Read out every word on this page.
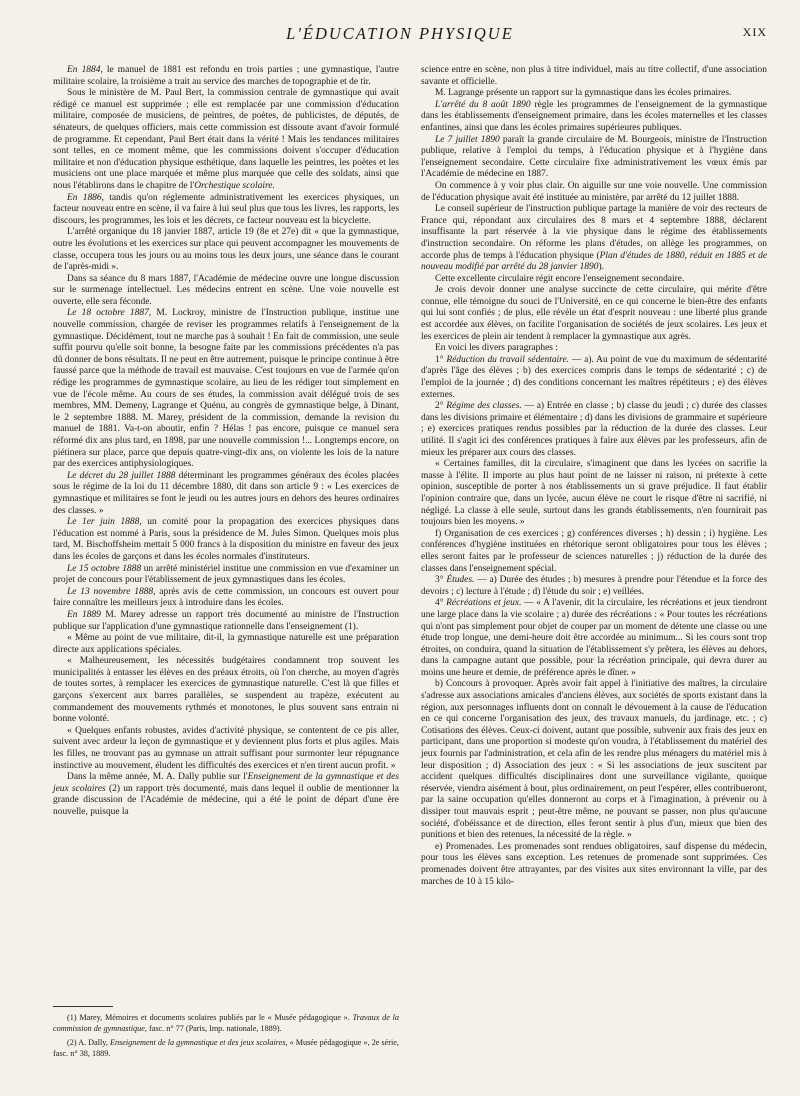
L'ÉDUCATION PHYSIQUE	XIX

En 1884, le manuel de 1881 est refondu en trois parties ; une gymnastique, l'autre militaire scolaire, la troisième a trait au service des marches de topographie et de tir.

Sous le ministère de M. Paul Bert, la commission centrale de gymnastique qui avait rédigé ce manuel est supprimée ; elle est remplacée par une commission d'éducation militaire, composée de musiciens, de peintres, de poètes, de publicistes, de députés, de sénateurs, de quelques officiers, mais cette commission est dissoute avant d'avoir formulé de programme. Et cependant, Paul Bert était dans la vérité ! Mais les tendances militaires sont telles, en ce moment même, que les commissions doivent s'occuper d'éducation militaire et non d'éducation physique esthétique, dans laquelle les peintres, les poètes et les musiciens ont une place marquée et même plus marquée que celle des soldats, ainsi que nous l'établirons dans le chapitre de l'Orchestique scolaire.

En 1886, tandis qu'on réglemente administrativement les exercices physiques, un facteur nouveau entre en scène, il va faire à lui seul plus que tous les livres, les rapports, les discours, les programmes, les lois et les décrets, ce facteur nouveau est la bicyclette.

L'arrêté organique du 18 janvier 1887, article 19 (8e et 27e) dit « que la gymnastique, outre les évolutions et les exercices sur place qui peuvent accompagner les mouvements de classe, occupera tous les jours ou au moins tous les deux jours, une séance dans le courant de l'après-midi ».

Dans sa séance du 8 mars 1887, l'Académie de médecine ouvre une longue discussion sur le surmenage intellectuel. Les médecins entrent en scène. Une voie nouvelle est ouverte, elle sera féconde.

Le 18 octobre 1887, M. Lockroy, ministre de l'Instruction publique, institue une nouvelle commission, chargée de reviser les programmes relatifs à l'enseignement de la gymnastique. Décidément, tout ne marche pas à souhait ! En fait de commission, une seule suffit pourvu qu'elle soit bonne, la besogne faite par les commissions précédentes n'a pas dû donner de bons résultats. Il ne peut en être autrement, puisque le principe continue à être faussé parce que la méthode de travail est mauvaise. C'est toujours en vue de l'armée qu'on rédige les programmes de gymnastique scolaire, au lieu de les rédiger tout simplement en vue de l'école même. Au cours de ses études, la commission avait délégué trois de ses membres, MM. Demeny, Lagrange et Quénu, au congrès de gymnastique belge, à Dinant, le 2 septembre 1888. M. Marey, président de la commission, demande la revision du manuel de 1881. Va-t-on aboutir, enfin ? Hélas ! pas encore, puisque ce manuel sera réformé dix ans plus tard, en 1898, par une nouvelle commission !... Longtemps encore, on piétinera sur place, parce que depuis quatre-vingt-dix ans, on violente les lois de la nature par des exercices antiphysiologiques.

Le décret du 28 juillet 1888 déterminant les programmes généraux des écoles placées sous le régime de la loi du 11 décembre 1880, dit dans son article 9 : « Les exercices de gymnastique et militaires se font le jeudi ou les autres jours en dehors des heures ordinaires des classes. »

Le 1er juin 1888, un comité pour la propagation des exercices physiques dans l'éducation est nommé à Paris, sous la présidence de M. Jules Simon. Quelques mois plus tard, M. Bischoffsheim mettait 5 000 francs à la disposition du ministre en faveur des jeux dans les écoles de garçons et dans les écoles normales d'instituteurs.

Le 15 octobre 1888 un arrêté ministériel institue une commission en vue d'examiner un projet de concours pour l'établissement de jeux gymnastiques dans les écoles.

Le 13 novembre 1888, après avis de cette commission, un concours est ouvert pour faire connaître les meilleurs jeux à introduire dans les écoles.

En 1889 M. Marey adresse un rapport très documenté au ministre de l'Instruction publique sur l'application d'une gymnastique rationnelle dans l'enseignement (1).

« Même au point de vue militaire, dit-il, la gymnastique naturelle est une préparation directe aux applications spéciales.

« Malheureusement, les nécessités budgétaires condamnent trop souvent les municipalités à entasser les élèves en des préaux étroits, où l'on cherche, au moyen d'agrès de toutes sortes, à remplacer les exercices de gymnastique naturelle. C'est là que filles et garçons s'exercent aux barres parallèles, se suspendent au trapèze, exécutent au commandement des mouvements rythmés et monotones, le plus souvent sans entrain ni bonne volonté.

« Quelques enfants robustes, avides d'activité physique, se contentent de ce pis aller, suivent avec ardeur la leçon de gymnastique et y deviennent plus forts et plus agiles. Mais les filles, ne trouvant pas au gymnase un attrait suffisant pour surmonter leur répugnance instinctive au mouvement, éludent les difficultés des exercices et n'en tirent aucun profit. »

Dans la même année, M. A. Dally publie sur l'Enseignement de la gymnastique et des jeux scolaires (2) un rapport très documenté, mais dans lequel il oublie de mentionner la grande discussion de l'Académie de médecine, qui a été le point de départ d'une ère nouvelle, puisque la

science entre en scène, non plus à titre individuel, mais au titre collectif, d'une association savante et officielle.

M. Lagrange présente un rapport sur la gymnastique dans les écoles primaires.

L'arrêté du 8 août 1890 règle les programmes de l'enseignement de la gymnastique dans les établissements d'enseignement primaire, dans les écoles maternelles et les classes enfantines, ainsi que dans les écoles primaires supérieures publiques.

Le 7 juillet 1890 paraît la grande circulaire de M. Bourgeois, ministre de l'Instruction publique, relative à l'emploi du temps, à l'éducation physique et à l'hygiène dans l'enseignement secondaire. Cette circulaire fixe administrativement les vœux émis par l'Académie de médecine en 1887.

On commence à y voir plus clair. On aiguille sur une voie nouvelle. Une commission de l'éducation physique avait été instituée au ministère, par arrêté du 12 juillet 1888.

Le conseil supérieur de l'instruction publique partage la manière de voir des recteurs de France qui, répondant aux circulaires des 8 mars et 4 septembre 1888, déclarent insuffisante la part réservée à la vie physique dans le régime des établissements d'instruction secondaire. On réforme les plans d'études, on allège les programmes, on accorde plus de temps à l'éducation physique (Plan d'études de 1880, réduit en 1885 et de nouveau modifié par arrêté du 28 janvier 1890).

Cette excellente circulaire régit encore l'enseignement secondaire.

Je crois devoir donner une analyse succincte de cette circulaire, qui mérite d'être connue, elle témoigne du souci de l'Université, en ce qui concerne le bien-être des enfants qui lui sont confiés ; de plus, elle révèle un état d'esprit nouveau : une liberté plus grande est accordée aux élèves, on facilite l'organisation de sociétés de jeux scolaires. Les jeux et les exercices de plein air tendent à remplacer la gymnastique aux agrès.

En voici les divers paragraphes :

1° Réduction du travail sédentaire. — a). Au point de vue du maximum de sédentarité d'après l'âge des élèves ; b) des exercices compris dans le temps de sédentarité ; c) de l'emploi de la journée ; d) des conditions concernant les maîtres répétiteurs ; e) des élèves externes.

2° Régime des classes. — a) Entrée en classe ; b) classe du jeudi ; c) durée des classes dans les divisions primaire et élémentaire ; d) dans les divisions de grammaire et supérieure ; e) exercices pratiques rendus possibles par la réduction de la durée des classes. Leur utilité. Il s'agit ici des conférences pratiques à faire aux élèves par les professeurs, afin de mieux les préparer aux cours des classes.

« Certaines familles, dit la circulaire, s'imaginent que dans les lycées on sacrifie la masse à l'élite. Il importe au plus haut point de ne laisser ni raison, ni prétexte à cette opinion, susceptible de porter à nos établissements un si grave préjudice. Il faut établir l'opinion contraire que, dans un lycée, aucun élève ne court le risque d'être ni sacrifié, ni négligé. La classe à elle seule, surtout dans les grands établissements, n'en fournirait pas toujours bien les moyens. »

f) Organisation de ces exercices ; g) conférences diverses ; h) dessin ; i) hygiène. Les conférences d'hygiène instituées en rhétorique seront obligatoires pour tous les élèves ; elles seront faites par le professeur de sciences naturelles ; j) réduction de la durée des classes dans l'enseignement spécial.

3° Études. — a) Durée des études ; b) mesures à prendre pour l'étendue et la force des devoirs ; c) lecture à l'étude ; d) l'étude du soir ; e) veillées.

4° Récréations et jeux. — « A l'avenir, dit la circulaire, les récréations et jeux tiendront une large place dans la vie scolaire ; a) durée des récréations : « Pour toutes les récréations qui n'ont pas simplement pour objet de couper par un moment de détente une classe ou une étude trop longue, une demi-heure doit être accordée au minimum... Si les cours sont trop étroites, on conduira, quand la situation de l'établissement s'y prêtera, les élèves au dehors, dans la campagne autant que possible, pour la récréation principale, qui devra durer au moins une heure et demie, de préférence après le dîner. »

b) Concours à provoquer. Après avoir fait appel à l'initiative des maîtres, la circulaire s'adresse aux associations amicales d'anciens élèves, aux sociétés de sports existant dans la région, aux personnages influents dont on connaît le dévouement à la cause de l'éducation en ce qui concerne l'organisation des jeux, des travaux manuels, du jardinage, etc. ; c) Cotisations des élèves. Ceux-ci doivent, autant que possible, subvenir aux frais des jeux en participant, dans une proportion si modeste qu'on voudra, à l'établissement du matériel des jeux fournis par l'administration, et cela afin de les rendre plus ménagers du matériel mis à leur disposition ; d) Association des jeux : « Si les associations de jeux suscitent par accident quelques difficultés disciplinaires dont une surveillance vigilante, quoique réservée, viendra aisément à bout, plus ordinairement, on peut l'espérer, elles contribueront, par la saine occupation qu'elles donneront au corps et à l'imagination, à prévenir ou à dissiper tout mauvais esprit ; peut-être même, ne pouvant se passer, non plus qu'aucune société, d'obéissance et de direction, elles feront sentir à plus d'un, mieux que bien des punitions et bien des retenues, la nécessité de la règle. »

e) Promenades. Les promenades sont rendues obligatoires, sauf dispense du médecin, pour tous les élèves sans exception. Les retenues de promenade sont supprimées. Ces promenades doivent être attrayantes, par des visites aux sites environnant la ville, par des marches de 10 à 15 kilo-

(1) Marey, Mémoires et documents scolaires publiés par le « Musée pédagogique ». Travaux de la commission de gymnastique, fasc. n° 77 (Paris, Imp. nationale, 1889).

(2) A. Dally, Enseignement de la gymnastique et des jeux scolaires, « Musée pédagogique », 2e série, fasc. n° 38, 1889.
